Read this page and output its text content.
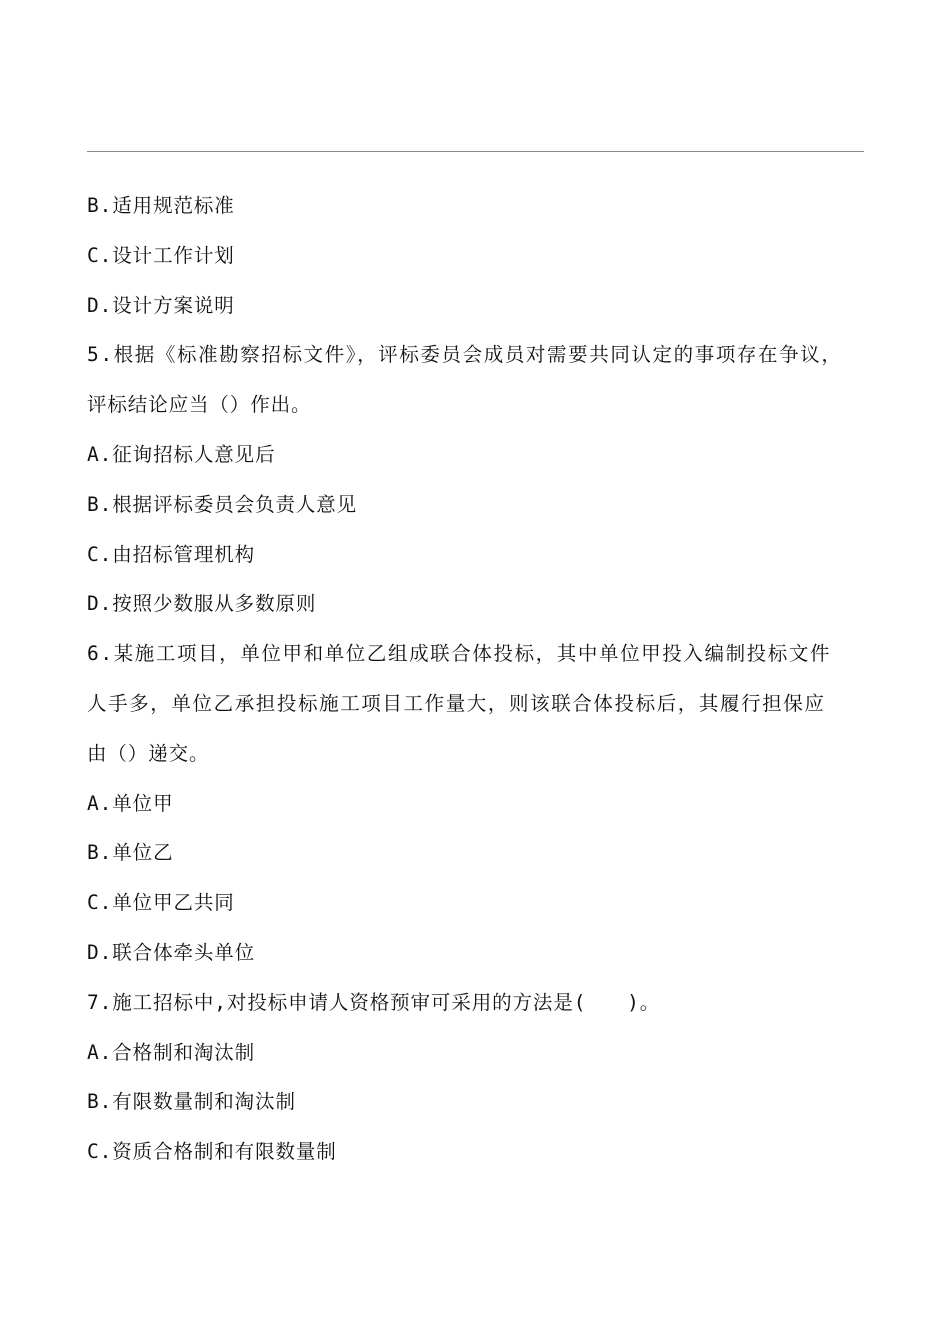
B.适用规范标准
C.设计工作计划
D.设计方案说明
5.根据《标准勘察招标文件》，评标委员会成员对需要共同认定的事项存在争议，
评标结论应当（）作出。
A.征询招标人意见后
B.根据评标委员会负责人意见
C.由招标管理机构
D.按照少数服从多数原则
6.某施工项目，单位甲和单位乙组成联合体投标，其中单位甲投入编制投标文件
人手多，单位乙承担投标施工项目工作量大，则该联合体投标后，其履行担保应
由（）递交。
A.单位甲
B.单位乙
C.单位甲乙共同
D.联合体牵头单位
7.施工招标中,对投标申请人资格预审可采用的方法是(　　)。
A.合格制和淘汰制
B.有限数量制和淘汰制
C.资质合格制和有限数量制
